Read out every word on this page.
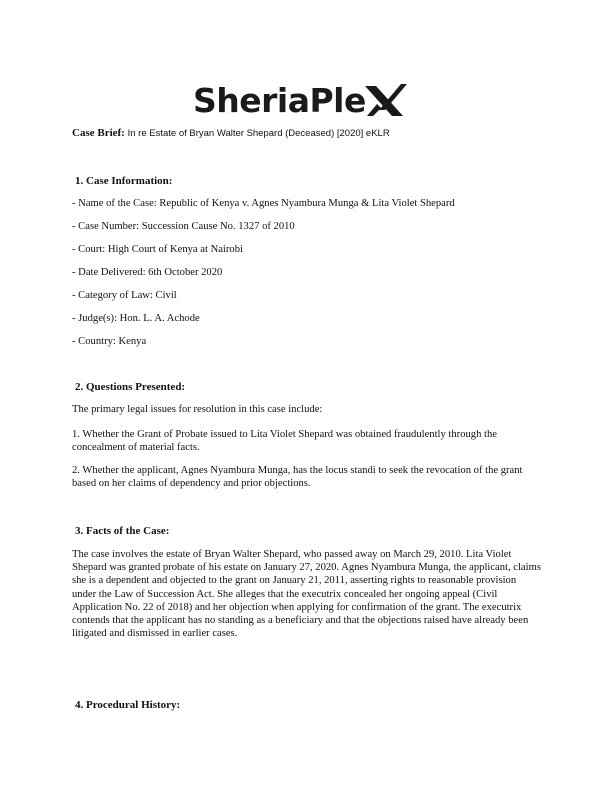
SheriaPle
Case Brief: In re Estate of Bryan Walter Shepard (Deceased) [2020] eKLR

1. Case Information:

- Name of the Case: Republic of Kenya v. Agnes Nyambura Munga & Lita Violet Shepard

- Case Number: Succession Cause No. 1327 of 2010

- Court: High Court of Kenya at Nairobi

- Date Delivered: 6th October 2020

- Category of Law: Civil

- Judge(s): Hon. L. A. Achode

- Country: Kenya

2. Questions Presented:

The primary legal issues for resolution in this case include:

1. Whether the Grant of Probate issued to Lita Violet Shepard was obtained fraudulently through the concealment of material facts.

2. Whether the applicant, Agnes Nyambura Munga, has the locus standi to seek the revocation of the grant based on her claims of dependency and prior objections.

3. Facts of the Case:

The case involves the estate of Bryan Walter Shepard, who passed away on March 29, 2010. Lita Violet Shepard was granted probate of his estate on January 27, 2020. Agnes Nyambura Munga, the applicant, claims she is a dependent and objected to the grant on January 21, 2011, asserting rights to reasonable provision under the Law of Succession Act. She alleges that the executrix concealed her ongoing appeal (Civil Application No. 22 of 2018) and her objection when applying for confirmation of the grant. The executrix contends that the applicant has no standing as a beneficiary and that the objections raised have already been litigated and dismissed in earlier cases.

4. Procedural History:
